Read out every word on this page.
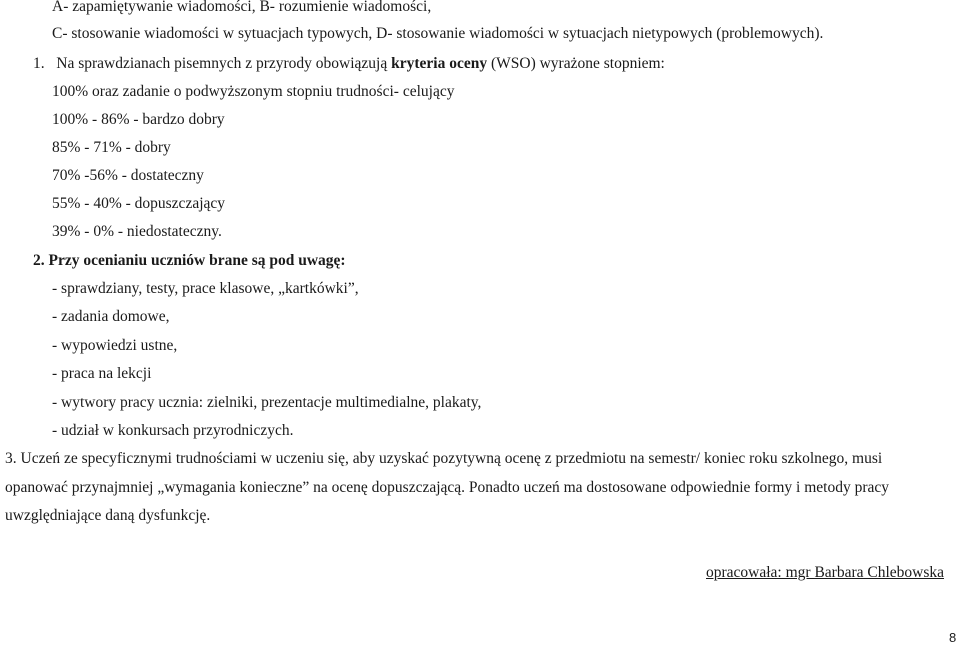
A- zapamiętywanie wiadomości, B- rozumienie wiadomości,
C- stosowanie wiadomości w sytuacjach typowych, D- stosowanie wiadomości w sytuacjach nietypowych (problemowych).
1. Na sprawdzianach pisemnych z przyrody obowiązują kryteria oceny (WSO) wyrażone stopniem:
100% oraz zadanie o podwyższonym stopniu trudności- celujący
100% - 86% - bardzo dobry
85% - 71% - dobry
70% -56% - dostateczny
55% - 40% - dopuszczający
39% - 0% - niedostateczny.
2. Przy ocenianiu uczniów brane są pod uwagę:
- sprawdziany, testy, prace klasowe, „kartkówki”,
- zadania domowe,
- wypowiedzi ustne,
- praca na lekcji
- wytwory pracy ucznia: zielniki, prezentacje multimedialne, plakaty,
- udział w konkursach przyrodniczych.
3. Uczeń ze specyficznymi trudnościami w uczeniu się, aby uzyskać pozytywną ocenę z przedmiotu na semestr/ koniec roku szkolnego, musi
opanować przynajmniej „wymagania konieczne” na ocenę dopuszczającą. Ponadto uczeń ma dostosowane odpowiednie formy i metody pracy
uwzględniające daną dysfunkcję.
opracowała: mgr Barbara Chlebowska
8
